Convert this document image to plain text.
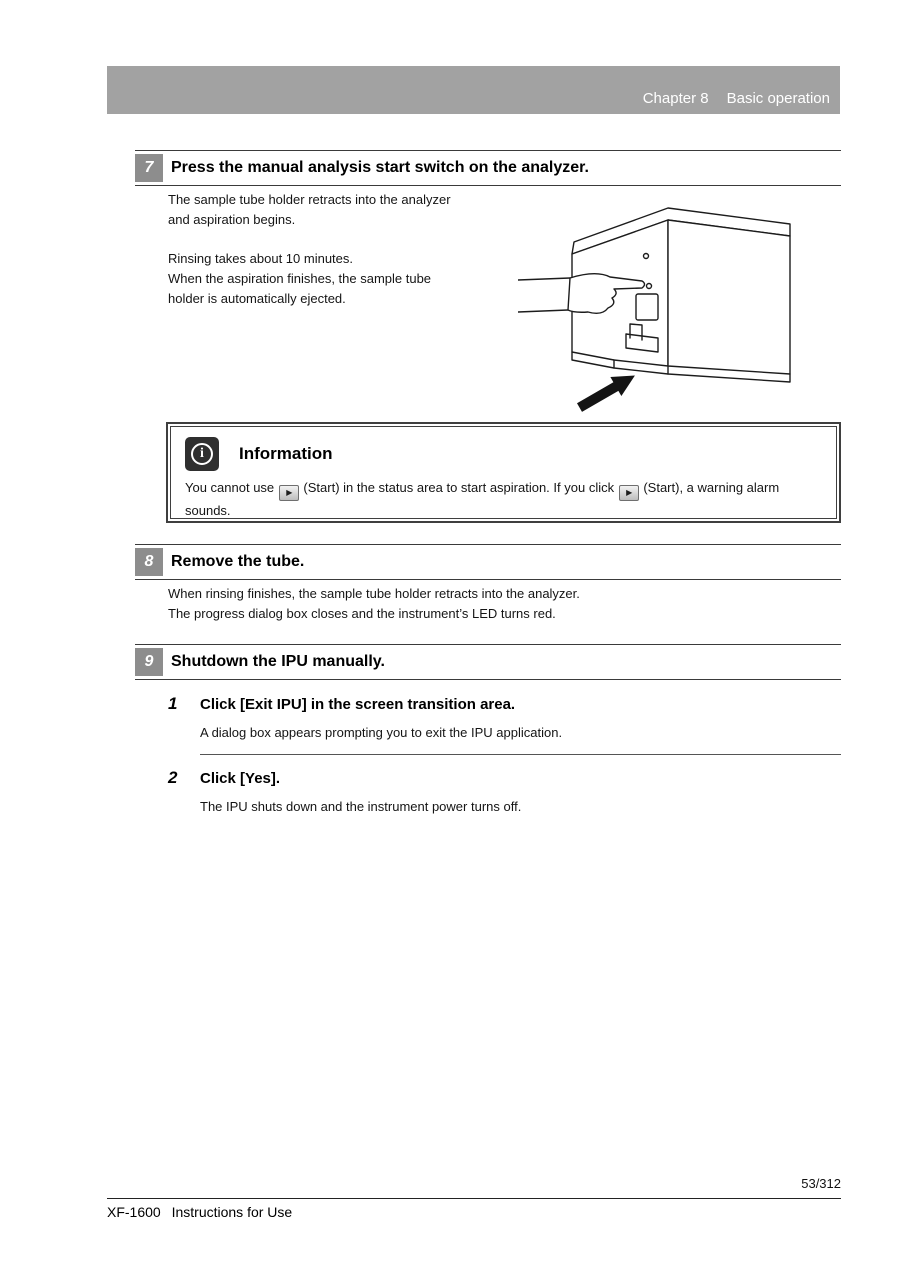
Chapter 8 Basic operation
7	Press the manual analysis start switch on the analyzer.
The sample tube holder retracts into the analyzer
and aspiration begins.
Rinsing takes about 10 minutes.
When the aspiration finishes, the sample tube
holder is automatically ejected.
i	Information

You cannot use ▶ (Start) in the status area to start aspiration. If you click ▶ (Start), a warning alarm sounds.

8	Remove the tube.
When rinsing finishes, the sample tube holder retracts into the analyzer.
The progress dialog box closes and the instrument’s LED turns red.
9	Shutdown the IPU manually.
1	Click [Exit IPU] in the screen transition area.

A dialog box appears prompting you to exit the IPU application.

2	Click [Yes].

The IPU shuts down and the instrument power turns off.

53/312
XF-1600 Instructions for Use
